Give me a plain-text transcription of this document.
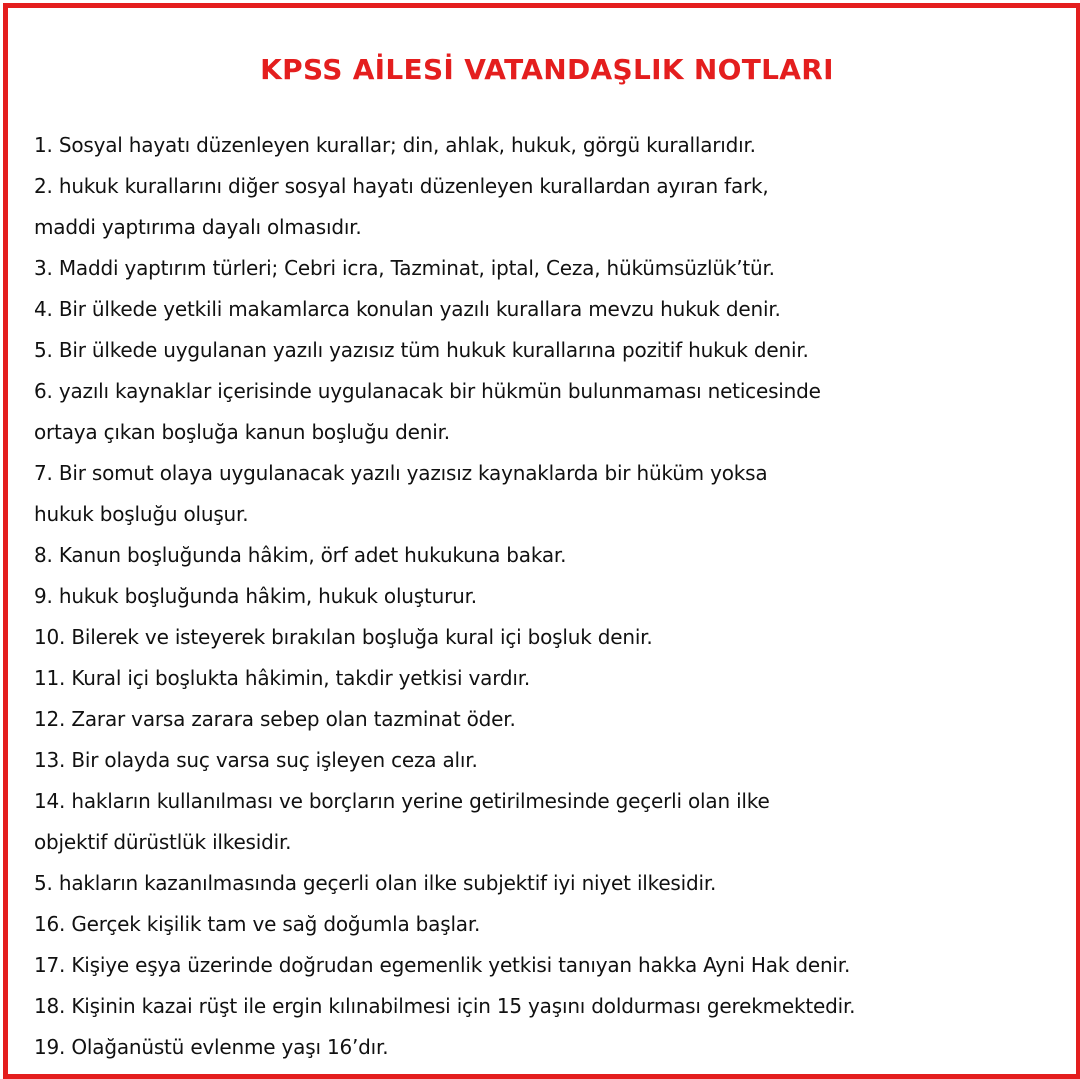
KPSS AİLESİ VATANDAŞLIK NOTLARI
1. Sosyal hayatı düzenleyen kurallar; din, ahlak, hukuk, görgü kurallarıdır.
2. hukuk kurallarını diğer sosyal hayatı düzenleyen kurallardan ayıran fark,
maddi yaptırıma dayalı olmasıdır.
3. Maddi yaptırım türleri; Cebri icra, Tazminat, iptal, Ceza, hükümsüzlük’tür.
4. Bir ülkede yetkili makamlarca konulan yazılı kurallara mevzu hukuk denir.
5. Bir ülkede uygulanan yazılı yazısız tüm hukuk kurallarına pozitif hukuk denir.
6. yazılı kaynaklar içerisinde uygulanacak bir hükmün bulunmaması neticesinde
ortaya çıkan boşluğa kanun boşluğu denir.
7. Bir somut olaya uygulanacak yazılı yazısız kaynaklarda bir hüküm yoksa
hukuk boşluğu oluşur.
8. Kanun boşluğunda hâkim, örf adet hukukuna bakar.
9. hukuk boşluğunda hâkim, hukuk oluşturur.
10. Bilerek ve isteyerek bırakılan boşluğa kural içi boşluk denir.
11. Kural içi boşlukta hâkimin, takdir yetkisi vardır.
12. Zarar varsa zarara sebep olan tazminat öder.
13. Bir olayda suç varsa suç işleyen ceza alır.
14. hakların kullanılması ve borçların yerine getirilmesinde geçerli olan ilke
objektif dürüstlük ilkesidir.
5. hakların kazanılmasında geçerli olan ilke subjektif iyi niyet ilkesidir.
16. Gerçek kişilik tam ve sağ doğumla başlar.
17. Kişiye eşya üzerinde doğrudan egemenlik yetkisi tanıyan hakka Ayni Hak denir.
18. Kişinin kazai rüşt ile ergin kılınabilmesi için 15 yaşını doldurması gerekmektedir.
19. Olağanüstü evlenme yaşı 16’dır.
